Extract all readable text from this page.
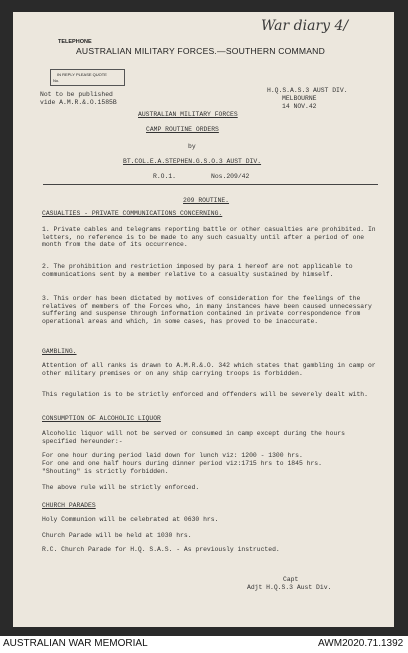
TELEPHONE
AUSTRALIAN MILITARY FORCES.—SOUTHERN COMMAND
War diary 4/
IN REPLY PLEASE QUOTE
No.
Not to be published
vide A.M.R.&.O.1585B
H.Q.S.A.S.3 AUST DIV.
MELBOURNE
14 NOV.42
AUSTRALIAN MILITARY FORCES
CAMP ROUTINE ORDERS
by
BT.COL.E.A.STEPHEN.G.S.O.3 AUST DIV.
R.O.1.	Nos.209/42
209 ROUTINE.
CASUALTIES - PRIVATE COMMUNICATIONS CONCERNING.
1. Private cables and telegrams reporting battle or other casualties are prohibited. In letters, no reference is to be made to any such casualty until after a period of one month from the date of its occurrence.
2. The prohibition and restriction imposed by para 1 hereof are not applicable to communications sent by a member relative to a casualty sustained by himself.
3. This order has been dictated by motives of consideration for the feelings of the relatives of members of the Forces who, in many instances have been caused unnecessary suffering and suspense through information contained in private correspondence from operational areas and which, in some cases, has proved to be inaccurate.
GAMBLING.
Attention of all ranks is drawn to A.M.R.&.O. 342 which states that gambling in camp or other military premises or on any ship carrying troops is forbidden.
This regulation is to be strictly enforced and offenders will be severely dealt with.
CONSUMPTION OF ALCOHOLIC LIQUOR
Alcoholic liquor will not be served or consumed in camp except during the hours specified hereunder:-
For one hour during period laid down for lunch viz: 1200 - 1300 hrs.
For one and one half hours during dinner period viz:1715 hrs to 1845 hrs.
"Shouting" is strictly forbidden.
The above rule will be strictly enforced.
CHURCH PARADES
Holy Communion will be celebrated at 0630 hrs.
Church Parade will be held at 1030 hrs.
R.C. Church Parade for H.Q. S.A.S. - As previously instructed.
Capt
Adjt H.Q.S.3 Aust Div.
AUSTRALIAN WAR MEMORIAL	AWM2020.71.1392
